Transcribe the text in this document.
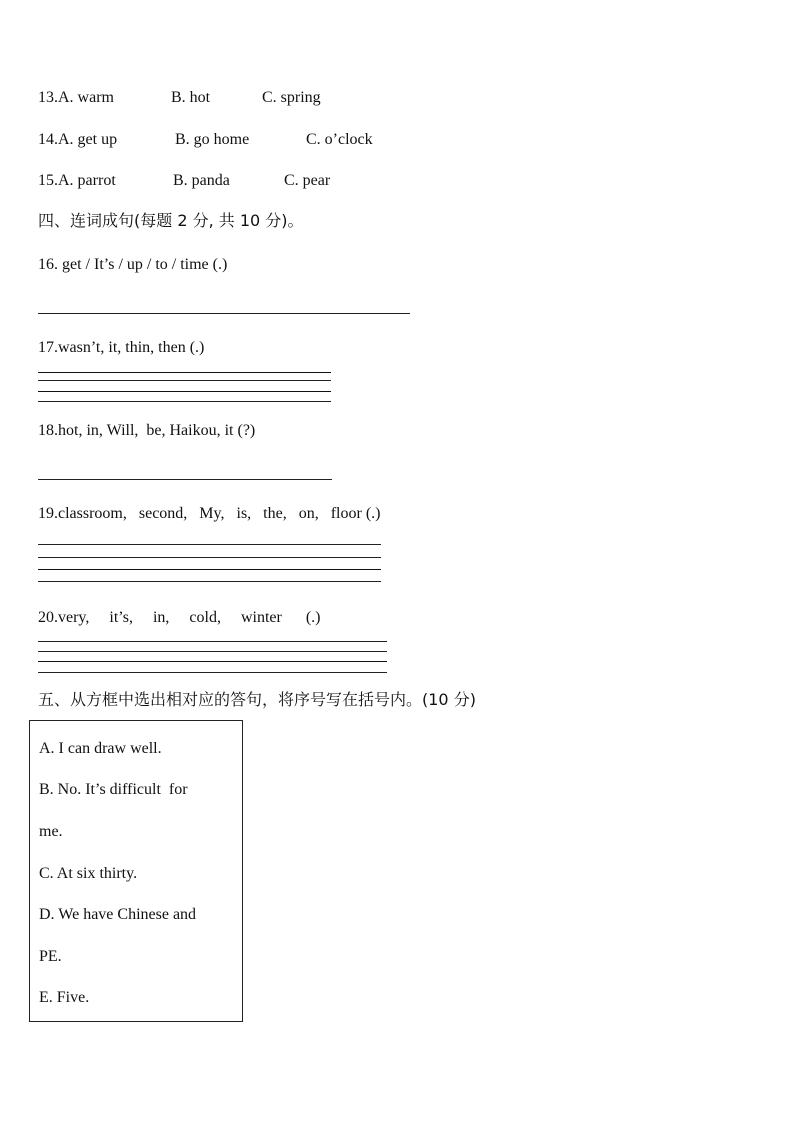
13.A. warm	B. hot	C. spring
14.A. get up	B. go home	C. o’clock
15.A. parrot	B. panda	C. pear
四、连词成句(每题 2 分, 共 10 分)。
16. get / It’s / up / to / time (.)
17.wasn’t, it, thin, then (.)
18.hot, in, Will,  be, Haikou, it (?)
19.classroom,   second,   My,   is,   the,   on,   floor (.)
20.very,     it’s,     in,     cold,     winter      (.)
五、从方框中选出相对应的答句，将序号写在括号内。(10 分)
A. I can draw well.
B. No. It’s difficult  for
me.
C. At six thirty.
D. We have Chinese and
PE.
E. Five.
